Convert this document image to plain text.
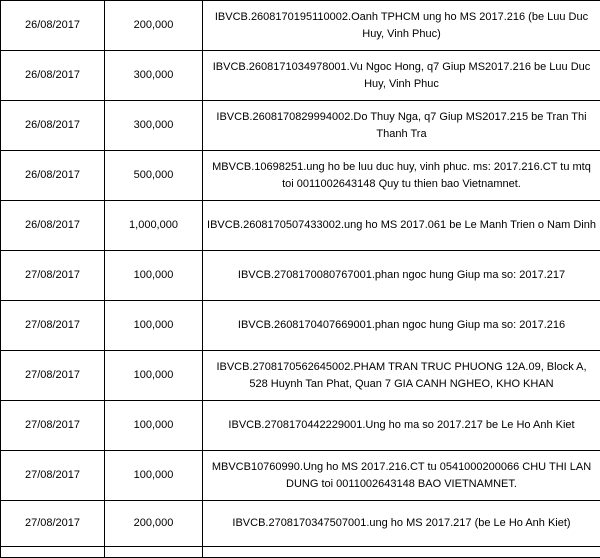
26/08/2017	200,000	IBVCB.2608170195110002.Oanh TPHCM ung ho MS 2017.216 (be Luu Duc Huy, Vinh Phuc)
26/08/2017	300,000	IBVCB.2608171034978001.Vu Ngoc Hong, q7 Giup MS2017.216 be Luu Duc Huy, Vinh Phuc
26/08/2017	300,000	IBVCB.2608170829994002.Do Thuy Nga, q7 Giup MS2017.215 be Tran Thi Thanh Tra
26/08/2017	500,000	MBVCB.10698251.ung ho be luu duc huy, vinh phuc. ms: 2017.216.CT tu mtq toi 0011002643148 Quy tu thien bao Vietnamnet.
26/08/2017	1,000,000	IBVCB.2608170507433002.ung ho MS 2017.061 be Le Manh Trien o Nam Dinh
27/08/2017	100,000	IBVCB.2708170080767001.phan ngoc hung Giup ma so: 2017.217
27/08/2017	100,000	IBVCB.2608170407669001.phan ngoc hung Giup ma so: 2017.216
27/08/2017	100,000	IBVCB.2708170562645002.PHAM TRAN TRUC PHUONG 12A.09, Block A, 528 Huynh Tan Phat, Quan 7 GIA CANH NGHEO, KHO KHAN
27/08/2017	100,000	IBVCB.2708170442229001.Ung ho ma so 2017.217 be Le Ho Anh Kiet
27/08/2017	100,000	MBVCB10760990.Ung ho MS 2017.216.CT tu 0541000200066 CHU THI LAN DUNG toi 0011002643148 BAO VIETNAMNET.
27/08/2017	200,000	IBVCB.2708170347507001.ung ho MS 2017.217 (be Le Ho Anh Kiet)
